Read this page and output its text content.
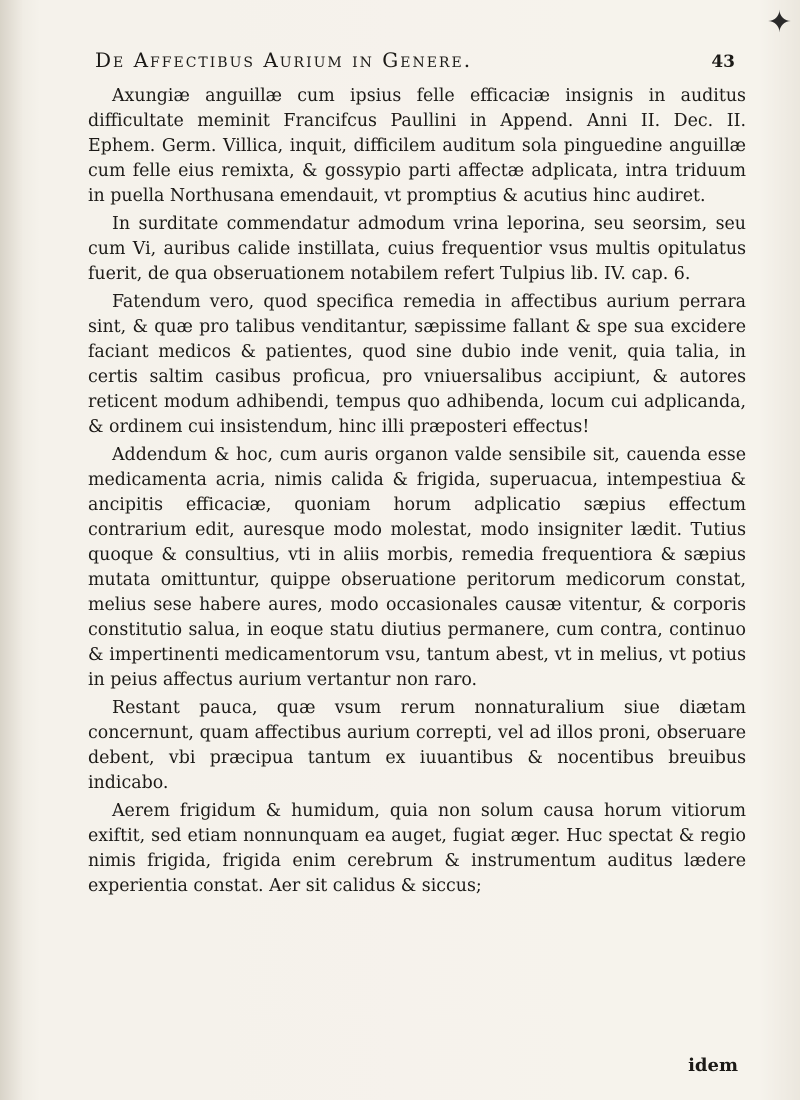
✦
De Affectibus Aurium in Genere.	43

Axungiæ anguillæ cum ipsius felle efficaciæ insignis in auditus difficultate meminit Francifcus Paullini in Append. Anni II. Dec. II. Ephem. Germ. Villica, inquit, difficilem auditum sola pinguedine anguillæ cum felle eius remixta, & gossypio parti affectæ adplicata, intra triduum in puella Northusana emendauit, vt promptius & acutius hinc audiret.

In surditate commendatur admodum vrina leporina, seu seorsim, seu cum Vi, auribus calide instillata, cuius frequentior vsus multis opitulatus fuerit, de qua obseruationem notabilem refert Tulpius lib. IV. cap. 6.

Fatendum vero, quod specifica remedia in affectibus aurium perrara sint, & quæ pro talibus venditantur, sæpissime fallant & spe sua excidere faciant medicos & patientes, quod sine dubio inde venit, quia talia, in certis saltim casibus proficua, pro vniuersalibus accipiunt, & autores reticent modum adhibendi, tempus quo adhibenda, locum cui adplicanda, & ordinem cui insistendum, hinc illi præposteri effectus!

Addendum & hoc, cum auris organon valde sensibile sit, cauenda esse medicamenta acria, nimis calida & frigida, superuacua, intempestiua & ancipitis efficaciæ, quoniam horum adplicatio sæpius effectum contrarium edit, auresque modo molestat, modo insigniter lædit. Tutius quoque & consultius, vti in aliis morbis, remedia frequentiora & sæpius mutata omittuntur, quippe obseruatione peritorum medicorum constat, melius sese habere aures, modo occasionales causæ vitentur, & corporis constitutio salua, in eoque statu diutius permanere, cum contra, continuo & impertinenti medicamentorum vsu, tantum abest, vt in melius, vt potius in peius affectus aurium vertantur non raro.

Restant pauca, quæ vsum rerum nonnaturalium siue diætam concernunt, quam affectibus aurium correpti, vel ad illos proni, obseruare debent, vbi præcipua tantum ex iuuantibus & nocentibus breuibus indicabo.

Aerem frigidum & humidum, quia non solum causa horum vitiorum exiftit, sed etiam nonnunquam ea auget, fugiat æger. Huc spectat & regio nimis frigida, frigida enim cerebrum & instrumentum auditus lædere experientia constat. Aer sit calidus & siccus;

idem
